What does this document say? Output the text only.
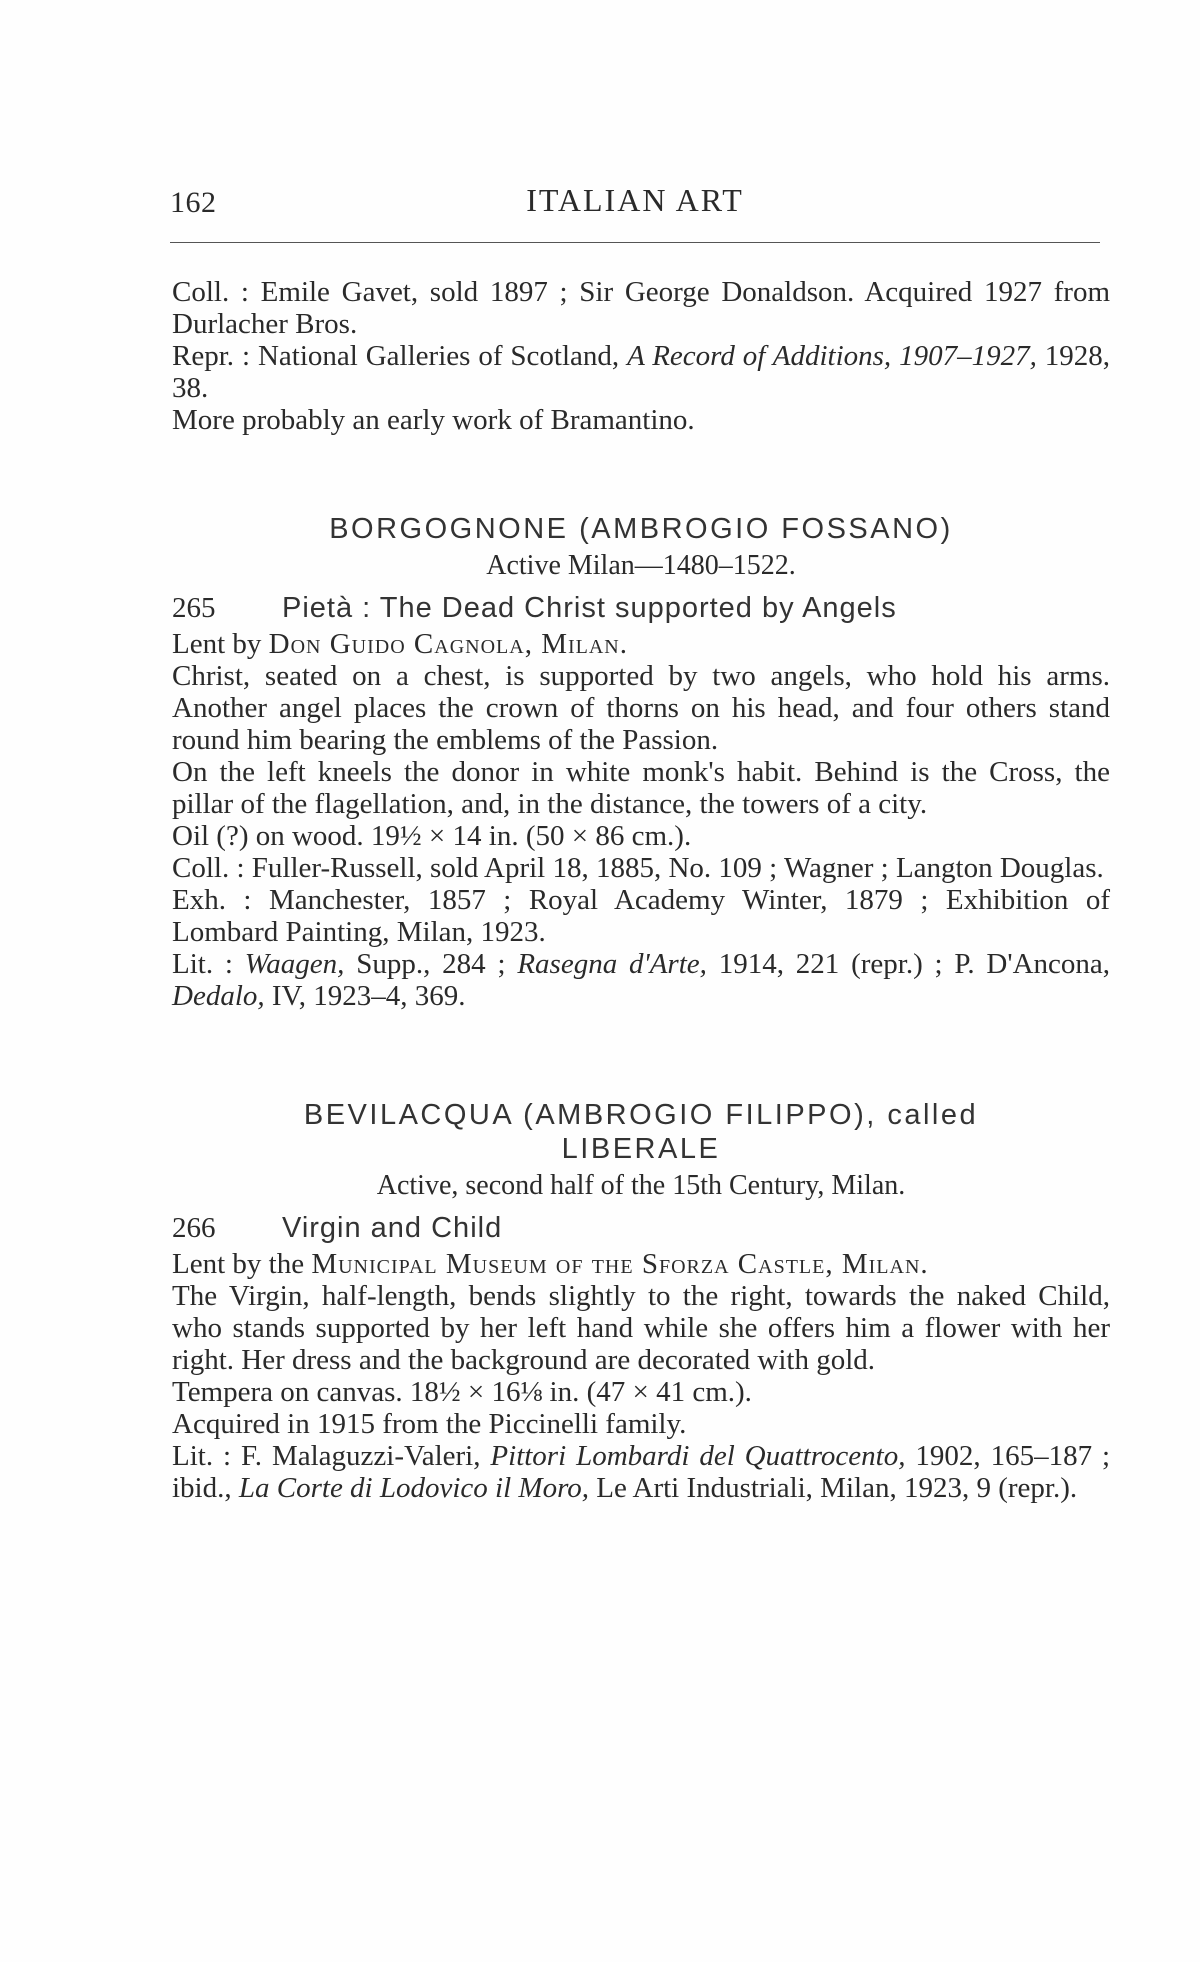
162	ITALIAN ART

Coll. : Emile Gavet, sold 1897 ; Sir George Donaldson. Acquired 1927 from Durlacher Bros.

Repr. : National Galleries of Scotland, A Record of Additions, 1907–1927, 1928, 38.

More probably an early work of Bramantino.

BORGOGNONE (AMBROGIO FOSSANO)

Active Milan—1480–1522.

265	Pietà : The Dead Christ supported by Angels

Lent by Don Guido Cagnola, Milan.

Christ, seated on a chest, is supported by two angels, who hold his arms. Another angel places the crown of thorns on his head, and four others stand round him bearing the emblems of the Passion.

On the left kneels the donor in white monk's habit. Behind is the Cross, the pillar of the flagellation, and, in the distance, the towers of a city.

Oil (?) on wood. 19½ × 14 in. (50 × 86 cm.).

Coll. : Fuller-Russell, sold April 18, 1885, No. 109 ; Wagner ; Langton Douglas.

Exh. : Manchester, 1857 ; Royal Academy Winter, 1879 ; Exhibition of Lombard Painting, Milan, 1923.

Lit. : Waagen, Supp., 284 ; Rasegna d'Arte, 1914, 221 (repr.) ; P. D'Ancona, Dedalo, IV, 1923–4, 369.

BEVILACQUA (AMBROGIO FILIPPO), called

LIBERALE

Active, second half of the 15th Century, Milan.

266	Virgin and Child

Lent by the Municipal Museum of the Sforza Castle, Milan.

The Virgin, half-length, bends slightly to the right, towards the naked Child, who stands supported by her left hand while she offers him a flower with her right. Her dress and the background are decorated with gold.

Tempera on canvas. 18½ × 16⅛ in. (47 × 41 cm.).

Acquired in 1915 from the Piccinelli family.

Lit. : F. Malaguzzi-Valeri, Pittori Lombardi del Quattrocento, 1902, 165–187 ; ibid., La Corte di Lodovico il Moro, Le Arti Industriali, Milan, 1923, 9 (repr.).
